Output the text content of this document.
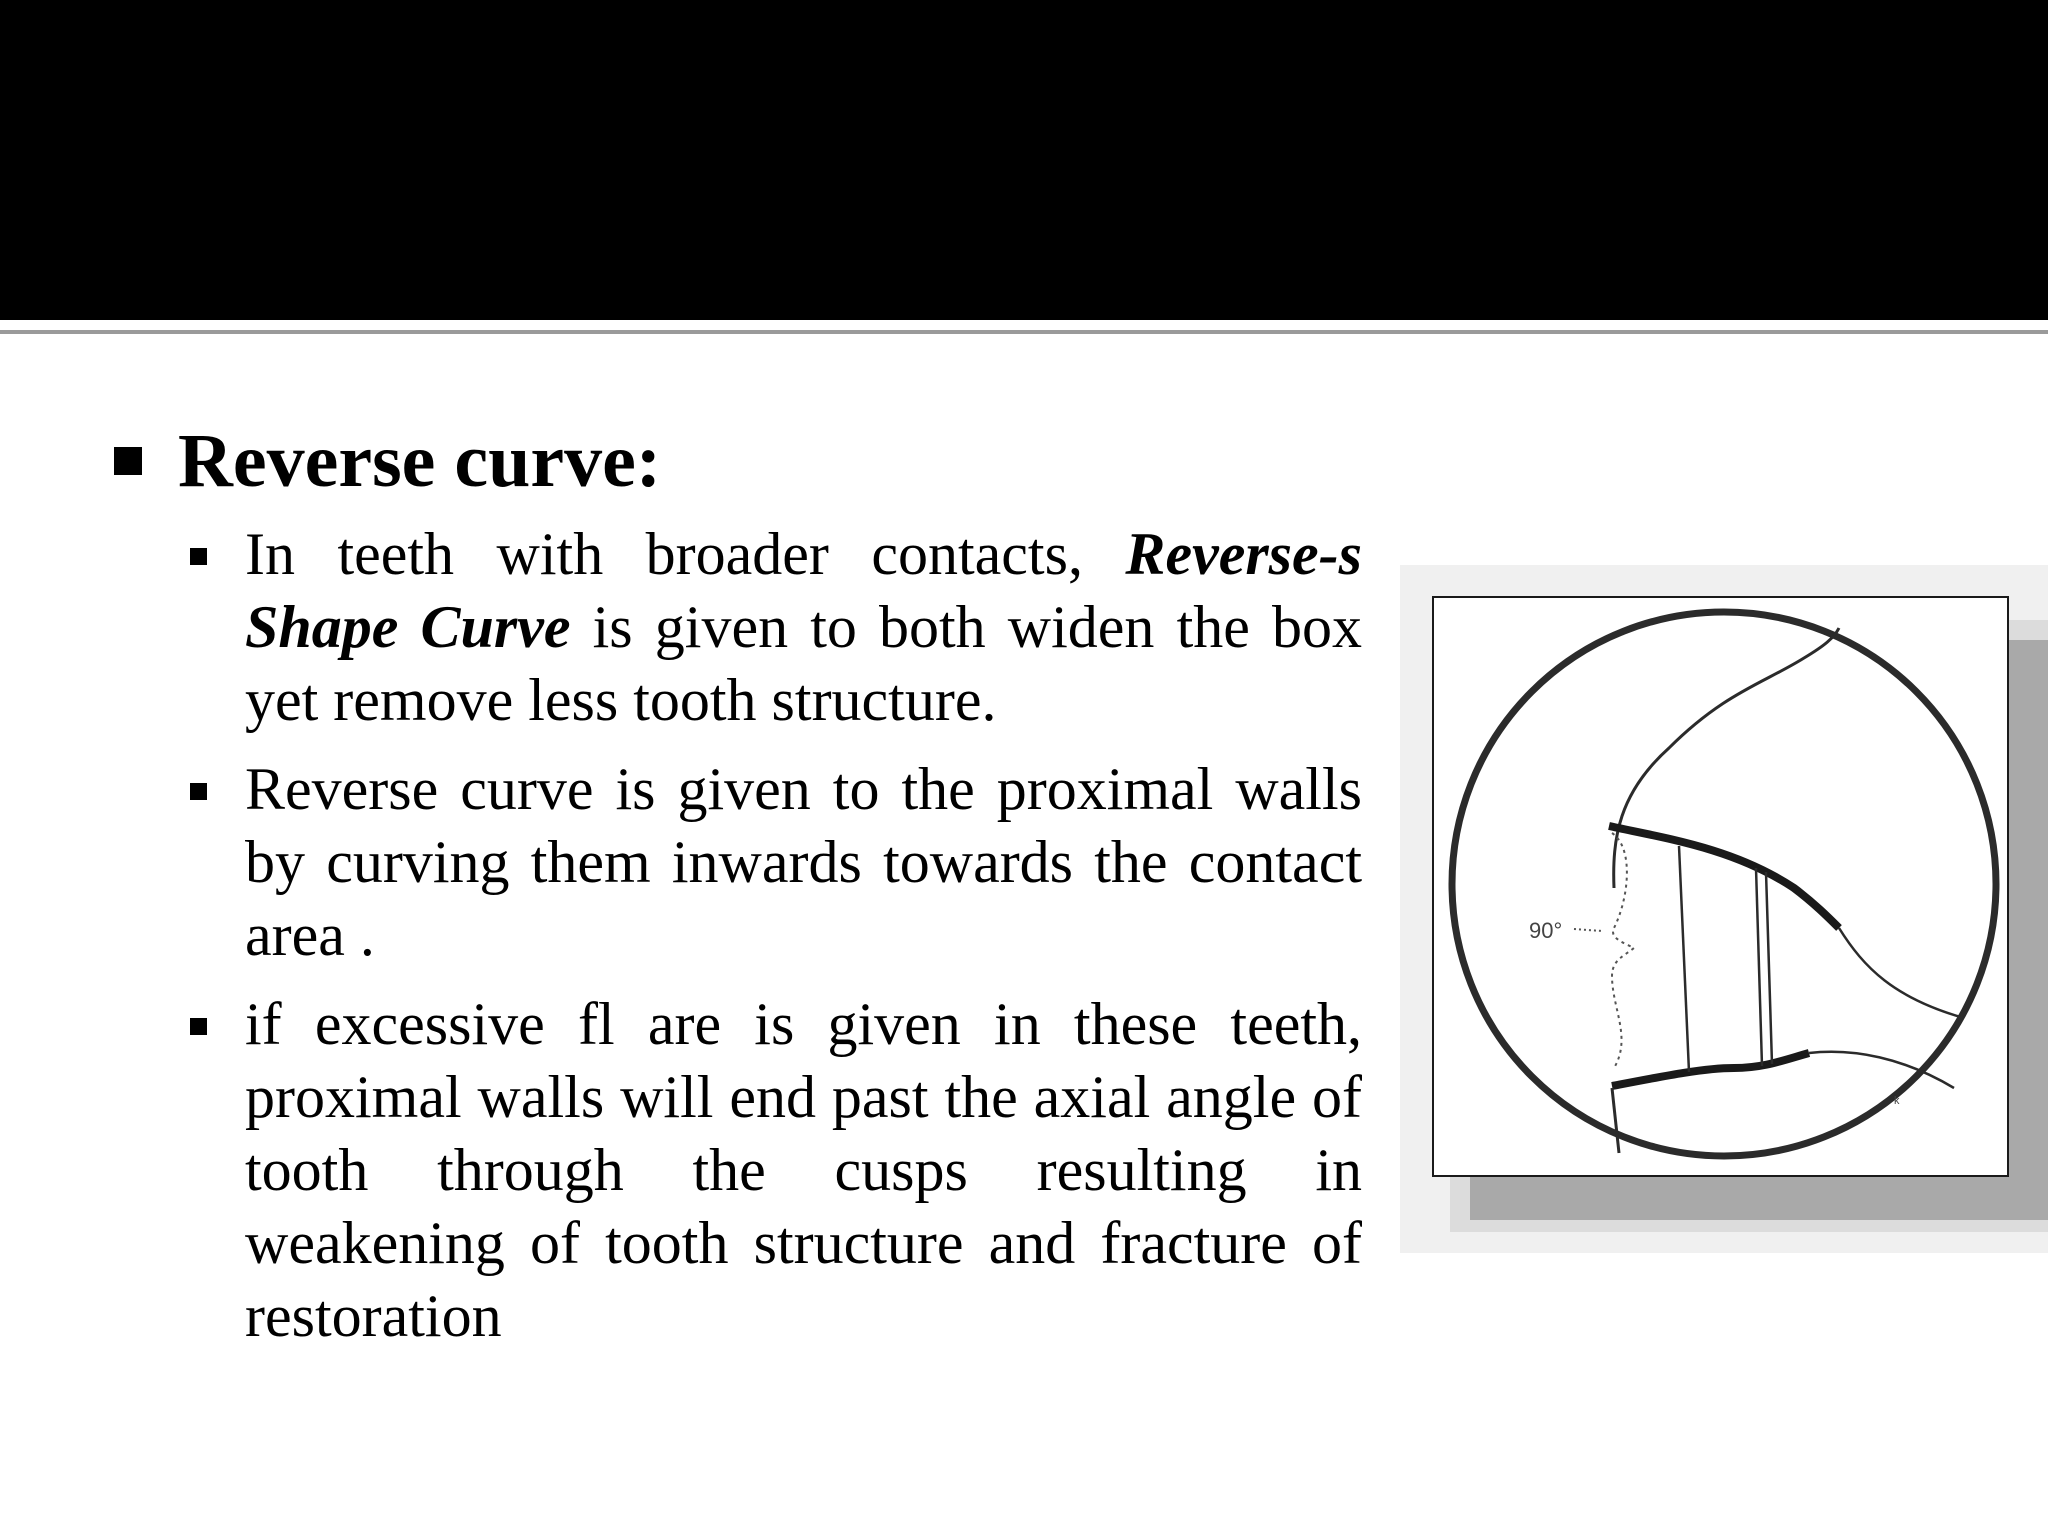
Reverse curve:
In teeth with broader contacts, Reverse-s Shape Curve is given to both widen the box yet remove less tooth structure.
Reverse curve is given to the proximal walls by curving them inwards towards the contact area .
if excessive fl are is given in these teeth, proximal walls will end past the axial angle of tooth through the cusps resulting in weakening of tooth structure and fracture of restoration
90°
ᵏ
